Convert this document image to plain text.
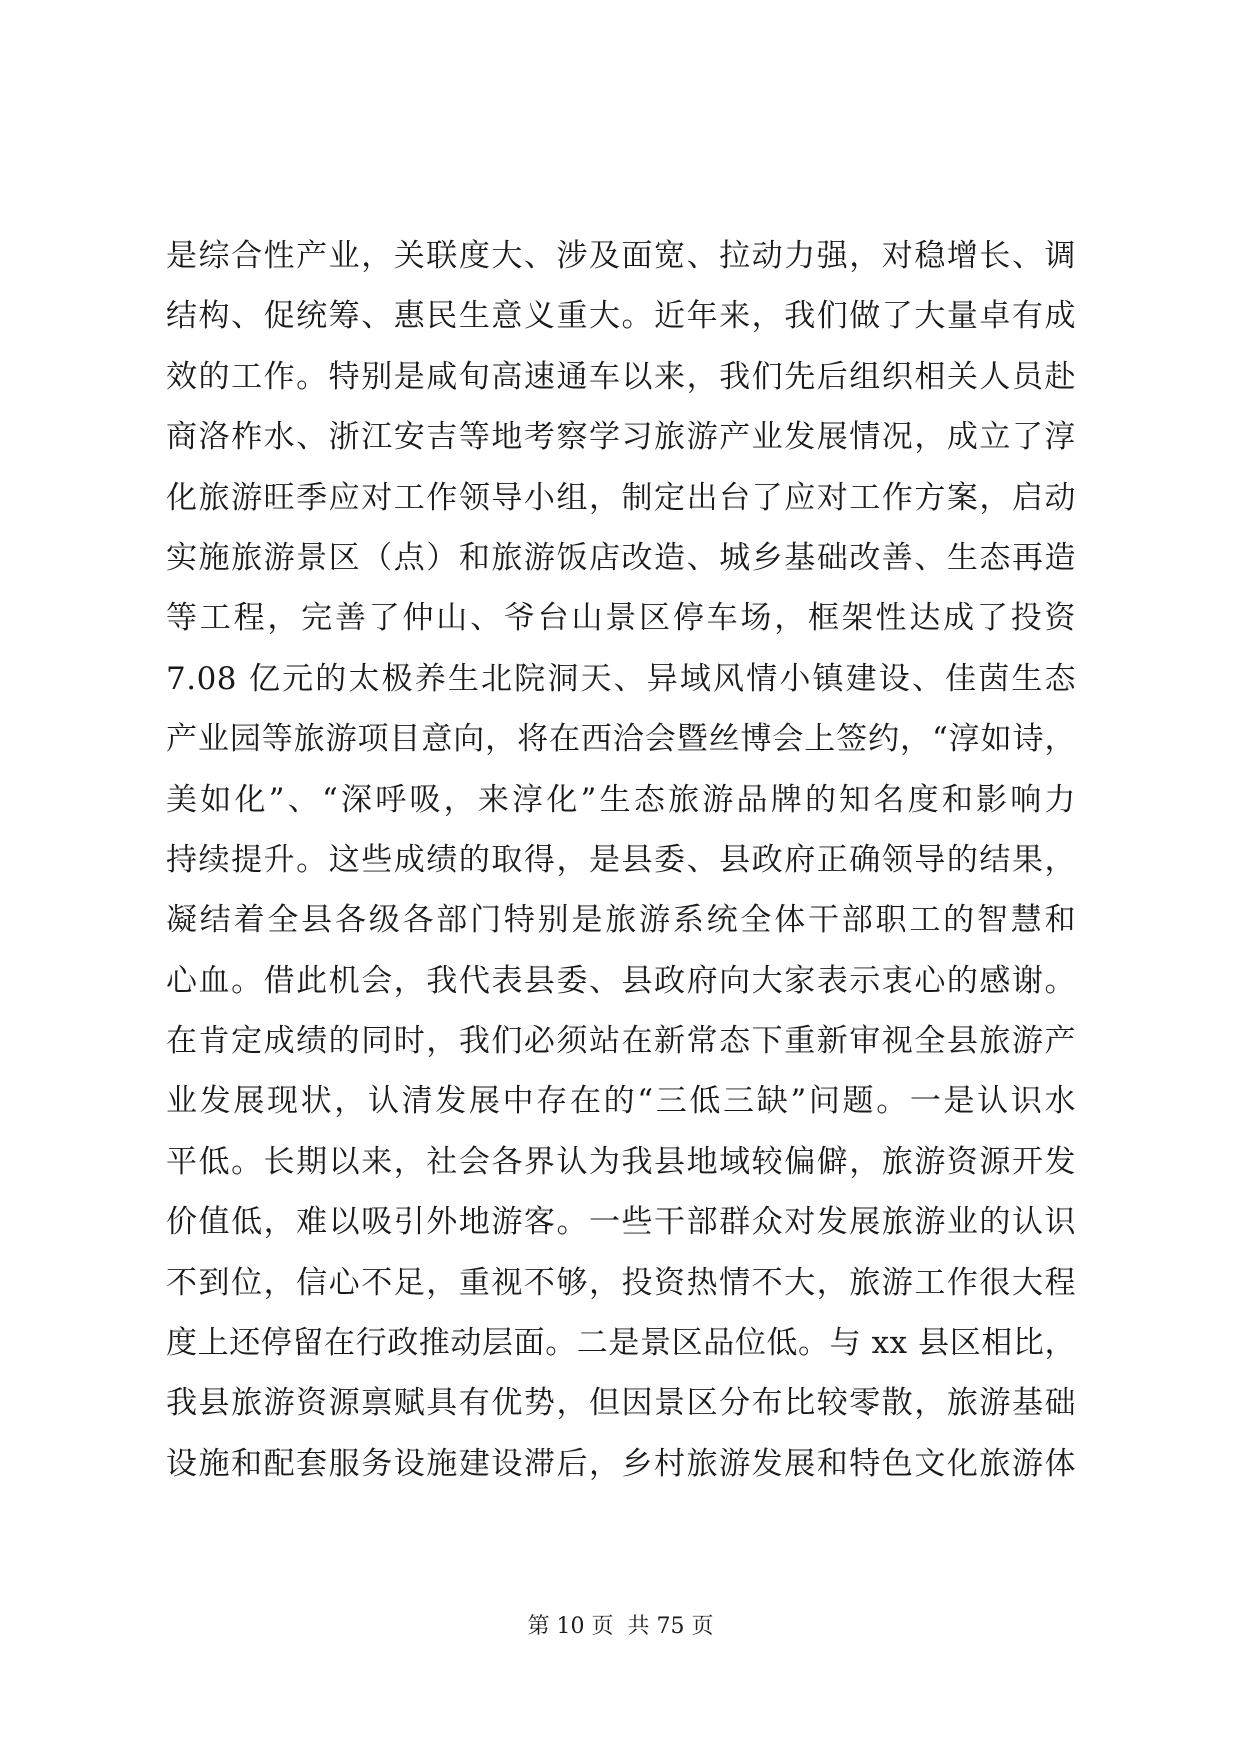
是综合性产业，关联度大、涉及面宽、拉动力强，对稳增长、调
结构、促统筹、惠民生意义重大。近年来，我们做了大量卓有成
效的工作。特别是咸旬高速通车以来，我们先后组织相关人员赴
商洛柞水、浙江安吉等地考察学习旅游产业发展情况，成立了淳
化旅游旺季应对工作领导小组，制定出台了应对工作方案，启动
实施旅游景区（点）和旅游饭店改造、城乡基础改善、生态再造
等工程，完善了仲山、爷台山景区停车场，框架性达成了投资
7.08 亿元的太极养生北院洞天、异域风情小镇建设、佳茵生态
产业园等旅游项目意向，将在西洽会暨丝博会上签约，“淳如诗，
美如化”、“深呼吸，来淳化”生态旅游品牌的知名度和影响力
持续提升。这些成绩的取得，是县委、县政府正确领导的结果，
凝结着全县各级各部门特别是旅游系统全体干部职工的智慧和
心血。借此机会，我代表县委、县政府向大家表示衷心的感谢。
在肯定成绩的同时，我们必须站在新常态下重新审视全县旅游产
业发展现状，认清发展中存在的“三低三缺”问题。一是认识水
平低。长期以来，社会各界认为我县地域较偏僻，旅游资源开发
价值低，难以吸引外地游客。一些干部群众对发展旅游业的认识
不到位，信心不足，重视不够，投资热情不大，旅游工作很大程
度上还停留在行政推动层面。二是景区品位低。与 xx 县区相比，
我县旅游资源禀赋具有优势，但因景区分布比较零散，旅游基础
设施和配套服务设施建设滞后，乡村旅游发展和特色文化旅游体
第 10 页 共 75 页
